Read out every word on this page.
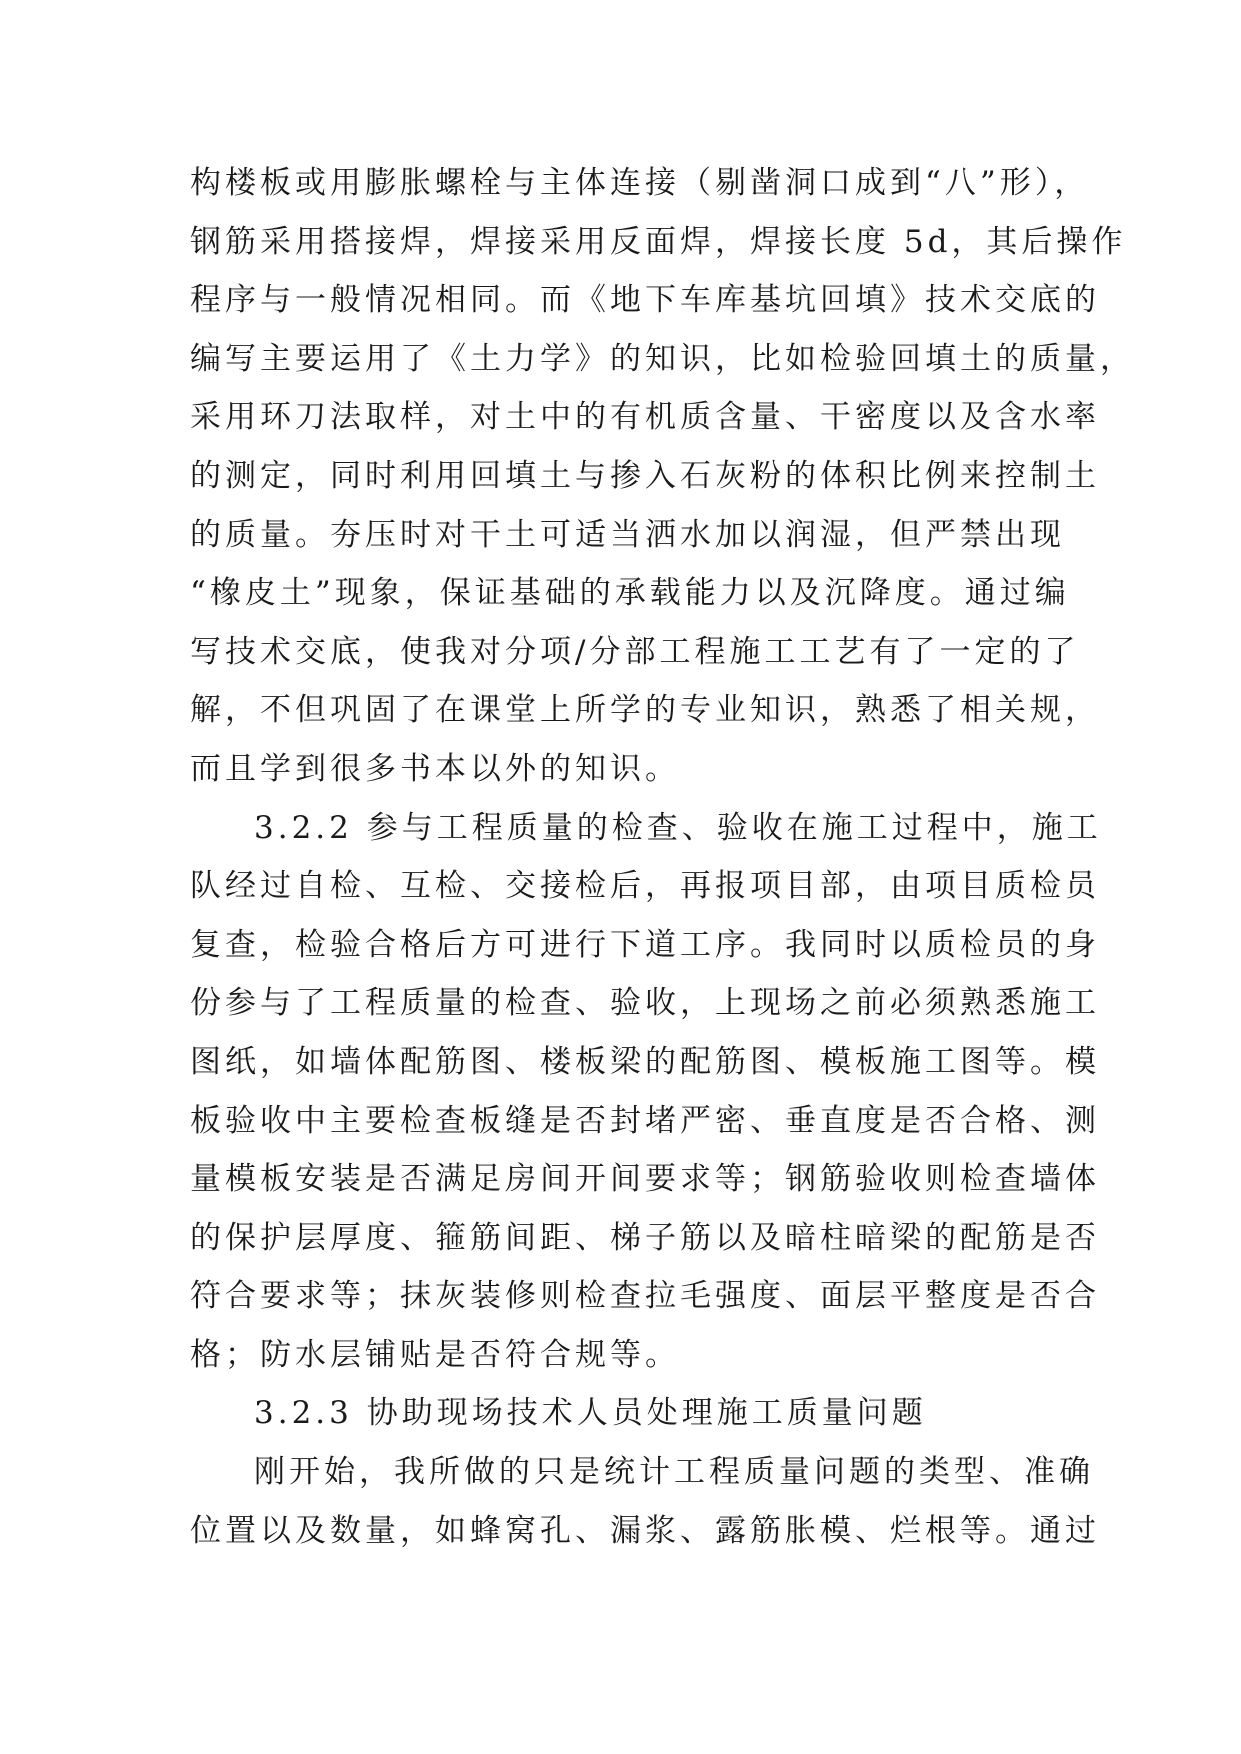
构楼板或用膨胀螺栓与主体连接（剔凿洞口成到“八”形），
钢筋采用搭接焊，焊接采用反面焊，焊接长度 5d，其后操作
程序与一般情况相同。而《地下车库基坑回填》技术交底的
编写主要运用了《土力学》的知识，比如检验回填土的质量，
采用环刀法取样，对土中的有机质含量、干密度以及含水率
的测定，同时利用回填土与掺入石灰粉的体积比例来控制土
的质量。夯压时对干土可适当洒水加以润湿，但严禁出现
“橡皮土”现象，保证基础的承载能力以及沉降度。通过编
写技术交底，使我对分项/分部工程施工工艺有了一定的了
解，不但巩固了在课堂上所学的专业知识，熟悉了相关规，
而且学到很多书本以外的知识。
3.2.2 参与工程质量的检查、验收在施工过程中，施工
队经过自检、互检、交接检后，再报项目部，由项目质检员
复查，检验合格后方可进行下道工序。我同时以质检员的身
份参与了工程质量的检查、验收，上现场之前必须熟悉施工
图纸，如墙体配筋图、楼板梁的配筋图、模板施工图等。模
板验收中主要检查板缝是否封堵严密、垂直度是否合格、测
量模板安装是否满足房间开间要求等；钢筋验收则检查墙体
的保护层厚度、箍筋间距、梯子筋以及暗柱暗梁的配筋是否
符合要求等；抹灰装修则检查拉毛强度、面层平整度是否合
格；防水层铺贴是否符合规等。
3.2.3 协助现场技术人员处理施工质量问题
刚开始，我所做的只是统计工程质量问题的类型、准确
位置以及数量，如蜂窝孔、漏浆、露筋胀模、烂根等。通过
